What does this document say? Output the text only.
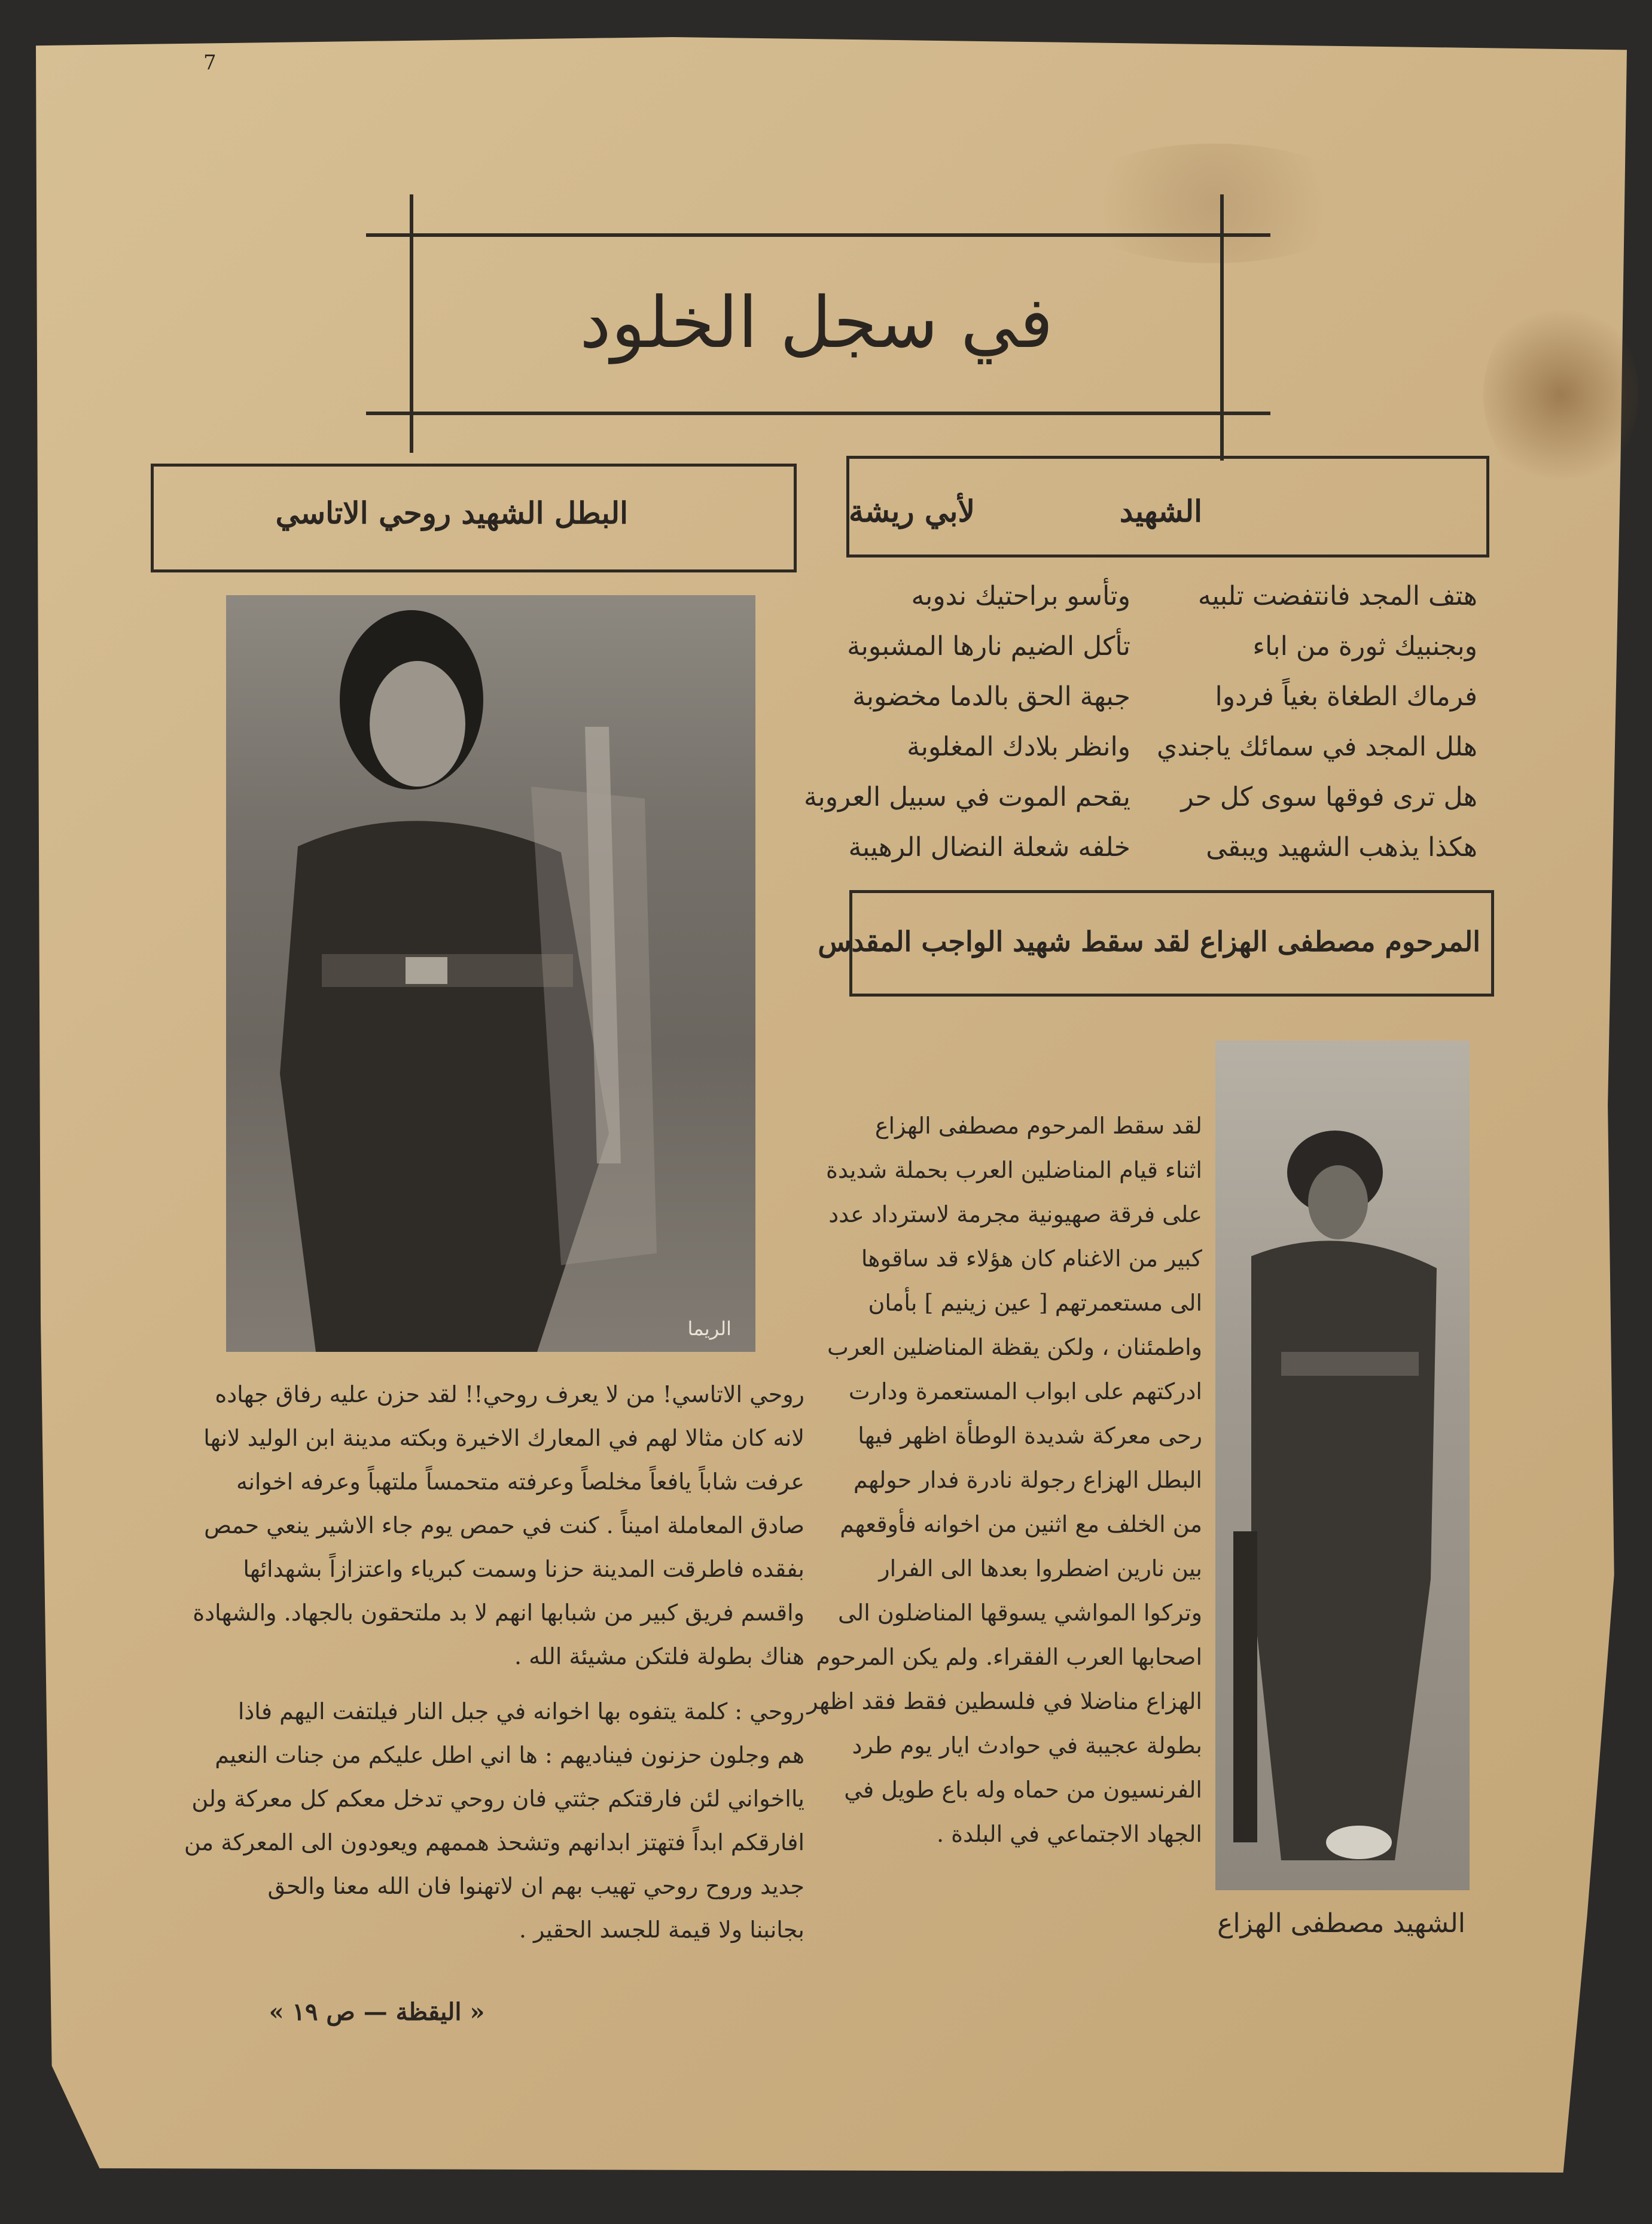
7
في سجل الخلود
البطل الشهيد روحي الاتاسي	الشهيد
لأبي ريشة
هتف المجد فانتفضت تلبيه
وبجنبيك ثورة من اباء
فرماك الطغاة بغياً فردوا
هلل المجد في سمائك ياجندي
هل ترى فوقها سوى كل حر
هكذا يذهب الشهيد ويبقى
وتأسو براحتيك ندوبه
تأكل الضيم نارها المشبوبة
جبهة الحق بالدما مخضوبة
وانظر بلادك المغلوبة
يقحم الموت في سبيل العروبة
خلفه شعلة النضال الرهيبة
المرحوم مصطفى الهزاع لقد سقط شهيد الواجب المقدس
الريما
الشهيد مصطفى الهزاع
لقد سقط المرحوم مصطفى الهزاع
اثناء قيام المناضلين العرب بحملة شديدة
على فرقة صهيونية مجرمة لاسترداد عدد
كبير من الاغنام كان هؤلاء قد ساقوها
الى مستعمرتهم [ عين زينيم ] بأمان
واطمئنان ، ولكن يقظة المناضلين العرب
ادركتهم على ابواب المستعمرة ودارت
رحى معركة شديدة الوطأة اظهر فيها
البطل الهزاع رجولة نادرة فدار حولهم
من الخلف مع اثنين من اخوانه فأوقعهم
بين نارين اضطروا بعدها الى الفرار
وتركوا المواشي يسوقها المناضلون الى
اصحابها العرب الفقراء. ولم يكن المرحوم
الهزاع مناضلا في فلسطين فقط فقد اظهر
بطولة عجيبة في حوادث ايار يوم طرد
الفرنسيون من حماه وله باع طويل في
الجهاد الاجتماعي في البلدة .
روحي الاتاسي! من لا يعرف روحي!! لقد حزن عليه رفاق جهاده
لانه كان مثالا لهم في المعارك الاخيرة وبكته مدينة ابن الوليد لانها
عرفت شاباً يافعاً مخلصاً وعرفته متحمساً ملتهباً وعرفه اخوانه
صادق المعاملة اميناً . كنت في حمص يوم جاء الاشير ينعي حمص
بفقده فاطرقت المدينة حزنا وسمت كبرياء واعتزازاً بشهدائها
واقسم فريق كبير من شبابها انهم لا بد ملتحقون بالجهاد. والشهادة
هناك بطولة فلتكن مشيئة الله .
روحي : كلمة يتفوه بها اخوانه في جبل النار فيلتفت اليهم فاذا
هم وجلون حزنون فيناديهم : ها اني اطل عليكم من جنات النعيم
يااخواني لئن فارقتكم جثتي فان روحي تدخل معكم كل معركة ولن
افارقكم ابداً فتهتز ابدانهم وتشحذ هممهم ويعودون الى المعركة من
جديد وروح روحي تهيب بهم ان لاتهنوا فان الله معنا والحق
بجانبنا ولا قيمة للجسد الحقير .
« اليقظة — ص ١٩ »
